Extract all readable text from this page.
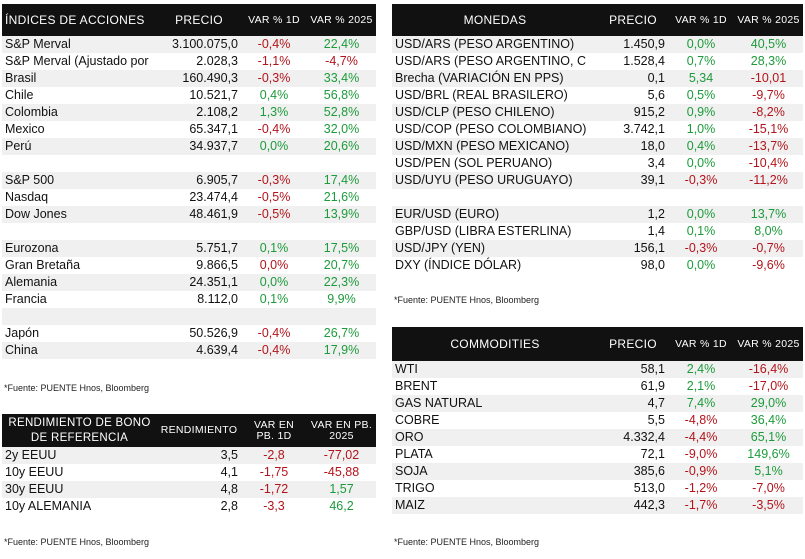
ÍNDICES DE ACCIONES	PRECIO	VAR % 1D	VAR % 2025
S&P Merval	3.100.075,0	-0,4%	22,4%
S&P Merval (Ajustado por	2.028,3	-1,1%	-4,7%
Brasil	160.490,3	-0,3%	33,4%
Chile	10.521,7	0,4%	56,8%
Colombia	2.108,2	1,3%	52,8%
Mexico	65.347,1	-0,4%	32,0%
Perú	34.937,7	0,0%	20,6%

S&P 500	6.905,7	-0,3%	17,4%
Nasdaq	23.474,4	-0,5%	21,6%
Dow Jones	48.461,9	-0,5%	13,9%

Eurozona	5.751,7	0,1%	17,5%
Gran Bretaña	9.866,5	0,0%	20,7%
Alemania	24.351,1	0,0%	22,3%
Francia	8.112,0	0,1%	9,9%

Japón	50.526,9	-0,4%	26,7%
China	4.639,4	-0,4%	17,9%
*Fuente: PUENTE Hnos, Bloomberg
RENDIMIENTO DE BONO DE REFERENCIA	RENDIMIENTO	VAR EN PB. 1D	VAR EN PB. 2025
2y EEUU	3,5	-2,8	-77,02
10y EEUU	4,1	-1,75	-45,88
30y EEUU	4,8	-1,72	1,57
10y ALEMANIA	2,8	-3,3	46,2
*Fuente: PUENTE Hnos, Bloomberg
MONEDAS	PRECIO	VAR % 1D	VAR % 2025
USD/ARS (PESO ARGENTINO)	1.450,9	0,0%	40,5%
USD/ARS (PESO ARGENTINO, C	1.528,4	0,7%	28,3%
Brecha (VARIACIÓN EN PPS)	0,1	5,34	-10,01
USD/BRL (REAL BRASILERO)	5,6	0,5%	-9,7%
USD/CLP (PESO CHILENO)	915,2	0,9%	-8,2%
USD/COP (PESO COLOMBIANO)	3.742,1	1,0%	-15,1%
USD/MXN (PESO MEXICANO)	18,0	0,4%	-13,7%
USD/PEN (SOL PERUANO)	3,4	0,0%	-10,4%
USD/UYU (PESO URUGUAYO)	39,1	-0,3%	-11,2%

EUR/USD (EURO)	1,2	0,0%	13,7%
GBP/USD (LIBRA ESTERLINA)	1,4	0,1%	8,0%
USD/JPY (YEN)	156,1	-0,3%	-0,7%
DXY (ÍNDICE DÓLAR)	98,0	0,0%	-9,6%
*Fuente: PUENTE Hnos, Bloomberg
COMMODITIES	PRECIO	VAR % 1D	VAR % 2025
WTI	58,1	2,4%	-16,4%
BRENT	61,9	2,1%	-17,0%
GAS NATURAL	4,7	7,4%	29,0%
COBRE	5,5	-4,8%	36,4%
ORO	4.332,4	-4,4%	65,1%
PLATA	72,1	-9,0%	149,6%
SOJA	385,6	-0,9%	5,1%
TRIGO	513,0	-1,2%	-7,0%
MAIZ	442,3	-1,7%	-3,5%
*Fuente: PUENTE Hnos, Bloomberg
